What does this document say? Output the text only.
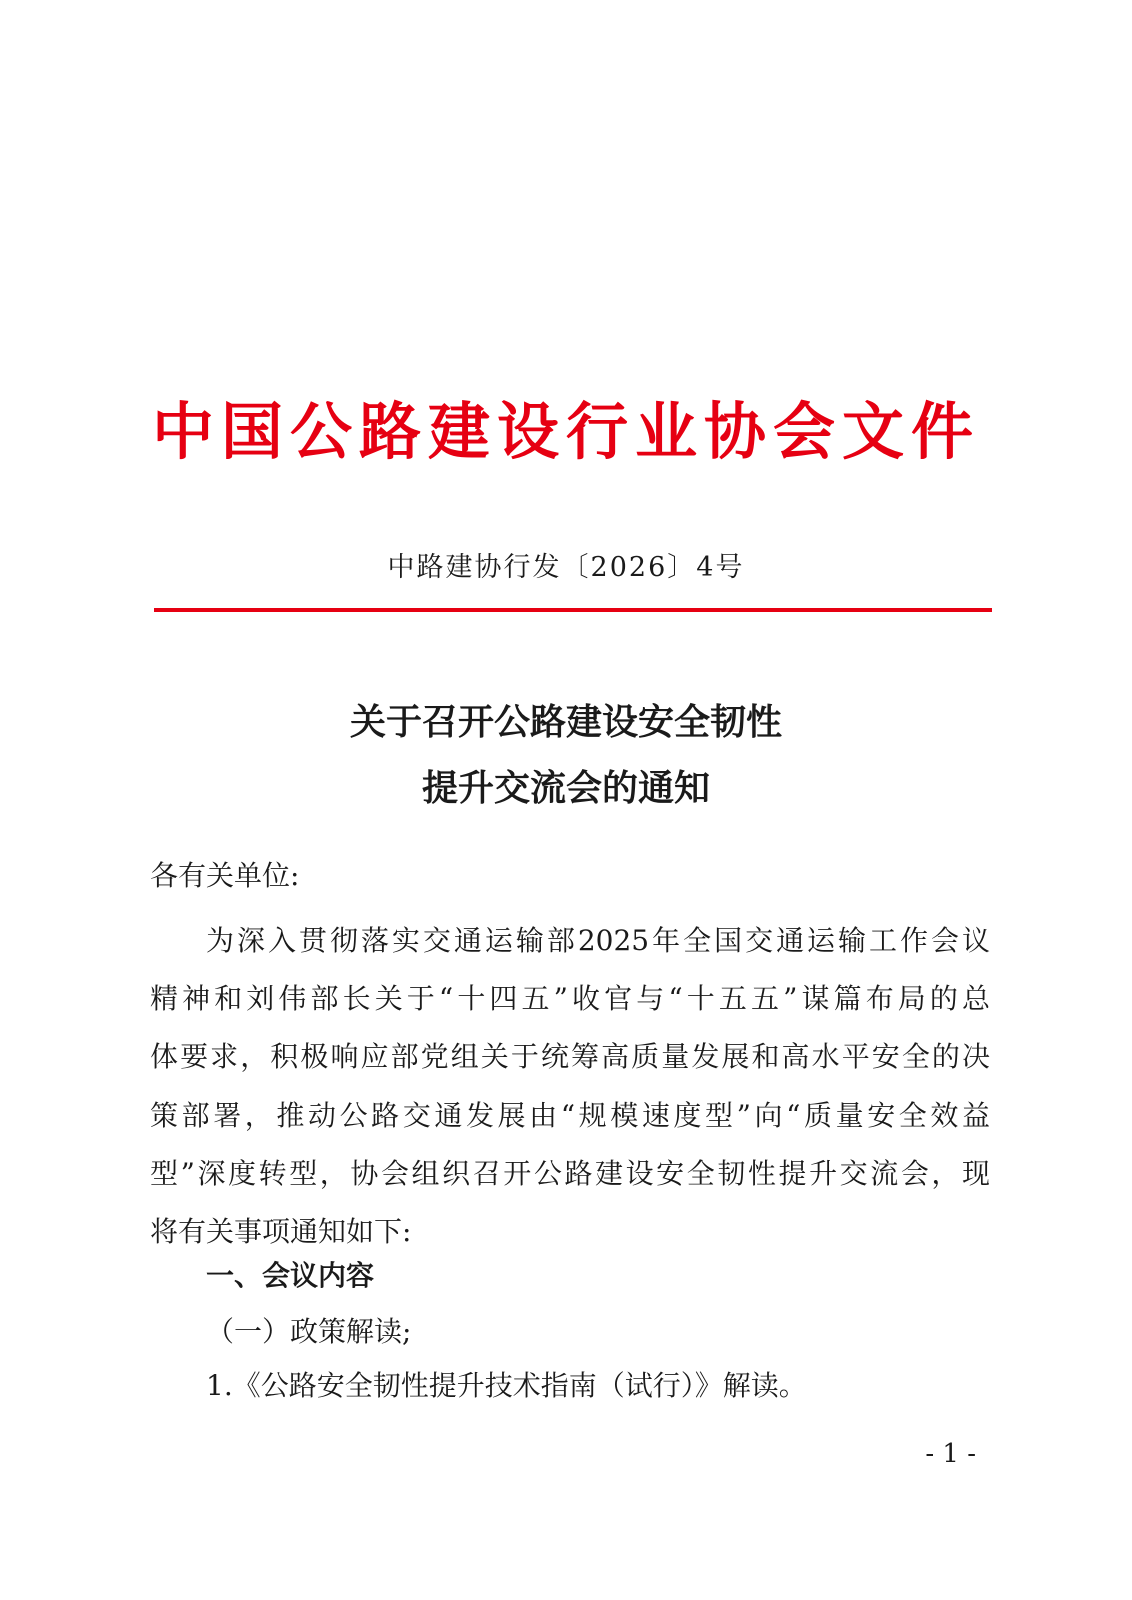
中国公路建设行业协会文件
中路建协行发〔2026〕4号
关于召开公路建设安全韧性
提升交流会的通知
各有关单位:

为深入贯彻落实交通运输部2025年全国交通运输工作会议
精神和刘伟部长关于“十四五”收官与“十五五”谋篇布局的总
体要求，积极响应部党组关于统筹高质量发展和高水平安全的决
策部署，推动公路交通发展由“规模速度型”向“质量安全效益
型”深度转型，协会组织召开公路建设安全韧性提升交流会，现
将有关事项通知如下:

一、会议内容
（一）政策解读;
1.《公路安全韧性提升技术指南（试行）》解读。
- 1 -
